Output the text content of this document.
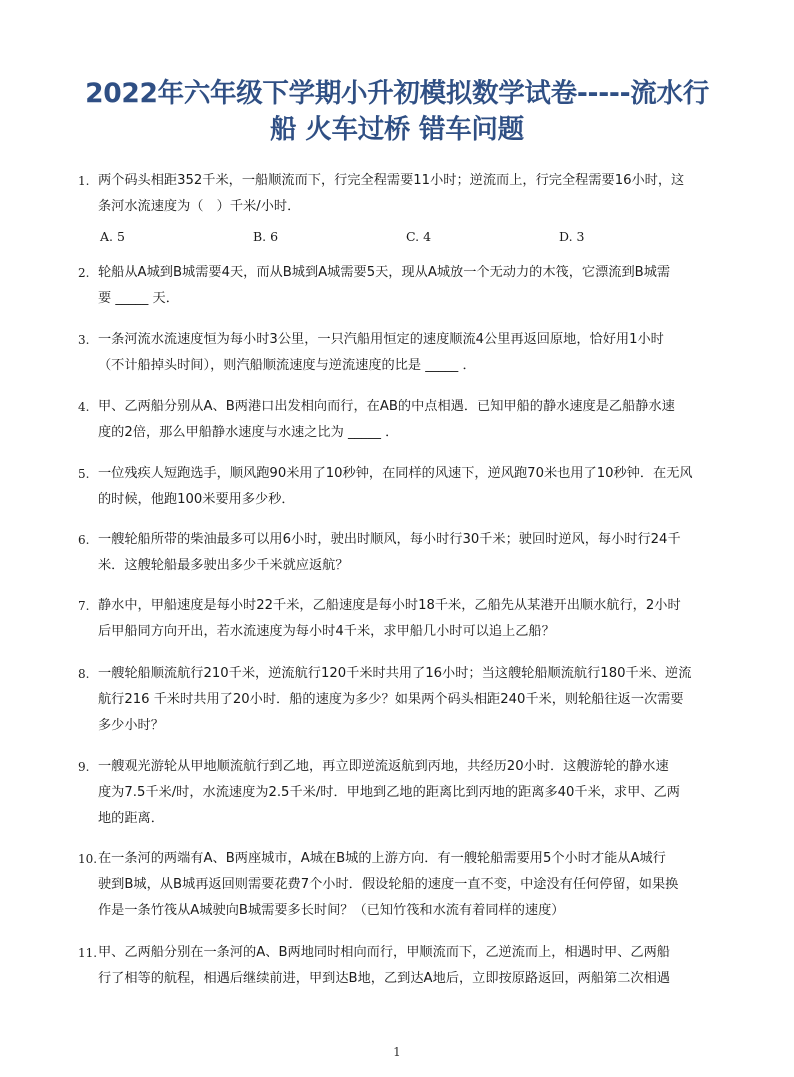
2022年六年级下学期小升初模拟数学试卷-----流水行
船 火车过桥 错车问题
1. 两个码头相距352千米，一船顺流而下，行完全程需要11小时；逆流而上，行完全程需要16小时，这
条河水流速度为（　）千米/小时．
A. 5	B. 6	C. 4	D. 3
2. 轮船从A城到B城需要4天，而从B城到A城需要5天，现从A城放一个无动力的木筏，它漂流到B城需
要 _____ 天．
3. 一条河流水流速度恒为每小时3公里，一只汽船用恒定的速度顺流4公里再返回原地，恰好用1小时
（不计船掉头时间），则汽船顺流速度与逆流速度的比是 _____ ．
4. 甲、乙两船分别从A、B两港口出发相向而行，在AB的中点相遇．已知甲船的静水速度是乙船静水速
度的2倍，那么甲船静水速度与水速之比为 _____ ．
5. 一位残疾人短跑选手，顺风跑90米用了10秒钟，在同样的风速下，逆风跑70米也用了10秒钟．在无风
的时候，他跑100米要用多少秒．
6. 一艘轮船所带的柴油最多可以用6小时，驶出时顺风，每小时行30千米；驶回时逆风，每小时行24千
米．这艘轮船最多驶出多少千米就应返航？
7. 静水中，甲船速度是每小时22千米，乙船速度是每小时18千米，乙船先从某港开出顺水航行，2小时
后甲船同方向开出，若水流速度为每小时4千米，求甲船几小时可以追上乙船？
8. 一艘轮船顺流航行210千米，逆流航行120千米时共用了16小时；当这艘轮船顺流航行180千米、逆流
航行216 千米时共用了20小时．船的速度为多少？如果两个码头相距240千米，则轮船往返一次需要
多少小时？
9. 一艘观光游轮从甲地顺流航行到乙地，再立即逆流返航到丙地，共经历20小时．这艘游轮的静水速
度为7.5千米/时，水流速度为2.5千米/时．甲地到乙地的距离比到丙地的距离多40千米，求甲、乙两
地的距离．
10. 在一条河的两端有A、B两座城市，A城在B城的上游方向．有一艘轮船需要用5个小时才能从A城行
驶到B城，从B城再返回则需要花费7个小时．假设轮船的速度一直不变，中途没有任何停留，如果换
作是一条竹筏从A城驶向B城需要多长时间？（已知竹筏和水流有着同样的速度）
11. 甲、乙两船分别在一条河的A、B两地同时相向而行，甲顺流而下，乙逆流而上，相遇时甲、乙两船
行了相等的航程，相遇后继续前进，甲到达B地，乙到达A地后，立即按原路返回，两船第二次相遇
1
